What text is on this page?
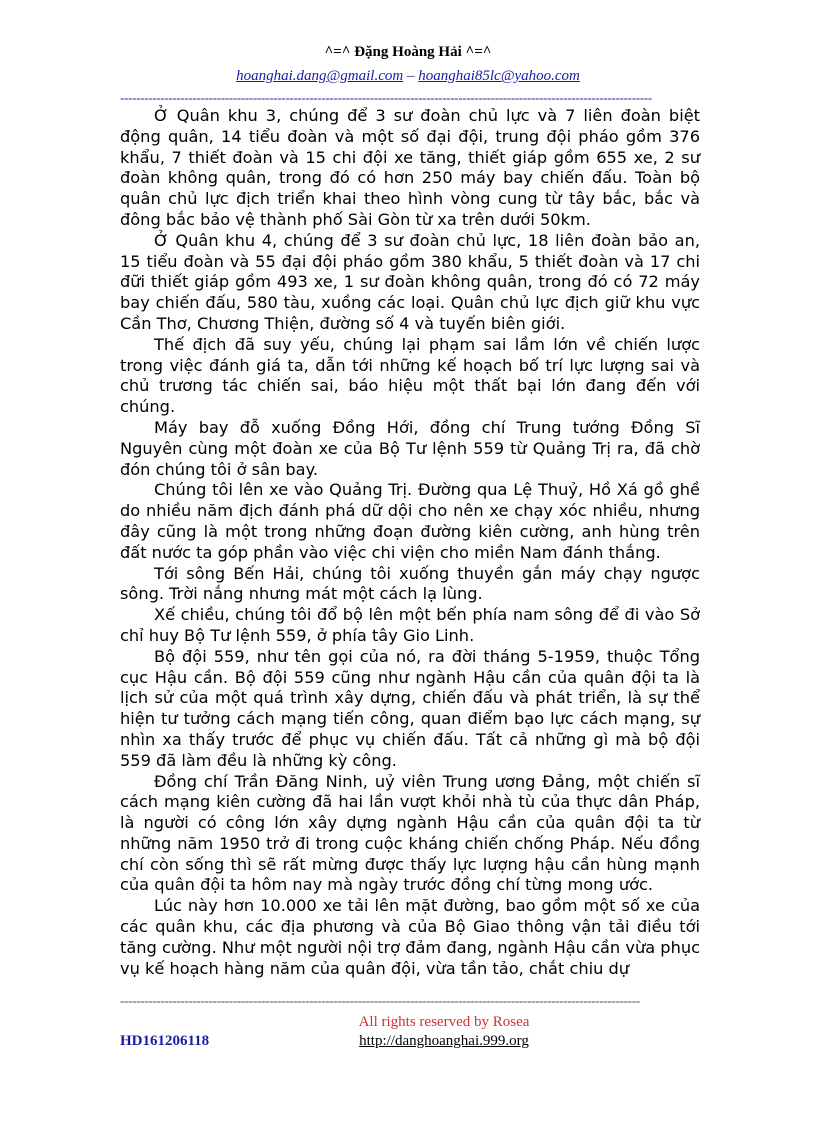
^=^ Đặng Hoàng Hải ^=^
hoanghai.dang@gmail.com – hoanghai85lc@yahoo.com
------------------------------------------------------------------------------------------------------------------------------------

Ở Quân khu 3, chúng để 3 sư đoàn chủ lực và 7 liên đoàn biệt động quân, 14 tiểu đoàn và một số đại đội, trung đội pháo gồm 376 khẩu, 7 thiết đoàn và 15 chi đội xe tăng, thiết giáp gồm 655 xe, 2 sư đoàn không quân, trong đó có hơn 250 máy bay chiến đấu. Toàn bộ quân chủ lực địch triển khai theo hình vòng cung từ tây bắc, bắc và đông bắc bảo vệ thành phố Sài Gòn từ xa trên dưới 50km.

Ở Quân khu 4, chúng để 3 sư đoàn chủ lực, 18 liên đoàn bảo an, 15 tiểu đoàn và 55 đại đội pháo gồm 380 khẩu, 5 thiết đoàn và 17 chi đữi thiết giáp gồm 493 xe, 1 sư đoàn không quân, trong đó có 72 máy bay chiến đấu, 580 tàu, xuồng các loại. Quân chủ lực địch giữ khu vực Cần Thơ, Chương Thiện, đường số 4 và tuyến biên giới.

Thế địch đã suy yếu, chúng lại phạm sai lầm lớn về chiến lược trong việc đánh giá ta, dẫn tới những kế hoạch bố trí lực lượng sai và chủ trương tác chiến sai, báo hiệu một thất bại lớn đang đến với chúng.

Máy bay đỗ xuống Đồng Hới, đồng chí Trung tướng Đồng Sĩ Nguyên cùng một đoàn xe của Bộ Tư lệnh 559 từ Quảng Trị ra, đã chờ đón chúng tôi ở sân bay.

Chúng tôi lên xe vào Quảng Trị. Đường qua Lệ Thuỷ, Hồ Xá gồ ghề do nhiều năm địch đánh phá dữ dội cho nên xe chạy xóc nhiều, nhưng đây cũng là một trong những đoạn đường kiên cường, anh hùng trên đất nước ta góp phần vào việc chi viện cho miền Nam đánh thắng.

Tới sông Bến Hải, chúng tôi xuống thuyền gắn máy chạy ngược sông. Trời nắng nhưng mát một cách lạ lùng.

Xế chiều, chúng tôi đổ bộ lên một bến phía nam sông để đi vào Sở chỉ huy Bộ Tư lệnh 559, ở phía tây Gio Linh.

Bộ đội 559, như tên gọi của nó, ra đời tháng 5-1959, thuộc Tổng cục Hậu cần. Bộ đội 559 cũng như ngành Hậu cần của quân đội ta là lịch sử của một quá trình xây dựng, chiến đấu và phát triển, là sự thể hiện tư tưởng cách mạng tiến công, quan điểm bạo lực cách mạng, sự nhìn xa thấy trước để phục vụ chiến đấu. Tất cả những gì mà bộ đội 559 đã làm đều là những kỳ công.

Đồng chí Trần Đăng Ninh, uỷ viên Trung ương Đảng, một chiến sĩ cách mạng kiên cường đã hai lần vượt khỏi nhà tù của thực dân Pháp, là người có công lớn xây dựng ngành Hậu cần của quân đội ta từ những năm 1950 trở đi trong cuộc kháng chiến chống Pháp. Nếu đồng chí còn sống thì sẽ rất mừng được thấy lực lượng hậu cần hùng mạnh của quân đội ta hôm nay mà ngày trước đồng chí từng mong ước.

Lúc này hơn 10.000 xe tải lên mặt đường, bao gồm một số xe của các quân khu, các địa phương và của Bộ Giao thông vận tải điều tới tăng cường. Như một người nội trợ đảm đang, ngành Hậu cần vừa phục vụ kế hoạch hàng năm của quân đội, vừa tần tảo, chắt chiu dự

---------------------------------------------------------------------------------------------------------------------------------
All rights reserved by Rosea
HD161206118	http://danghoanghai.999.org
